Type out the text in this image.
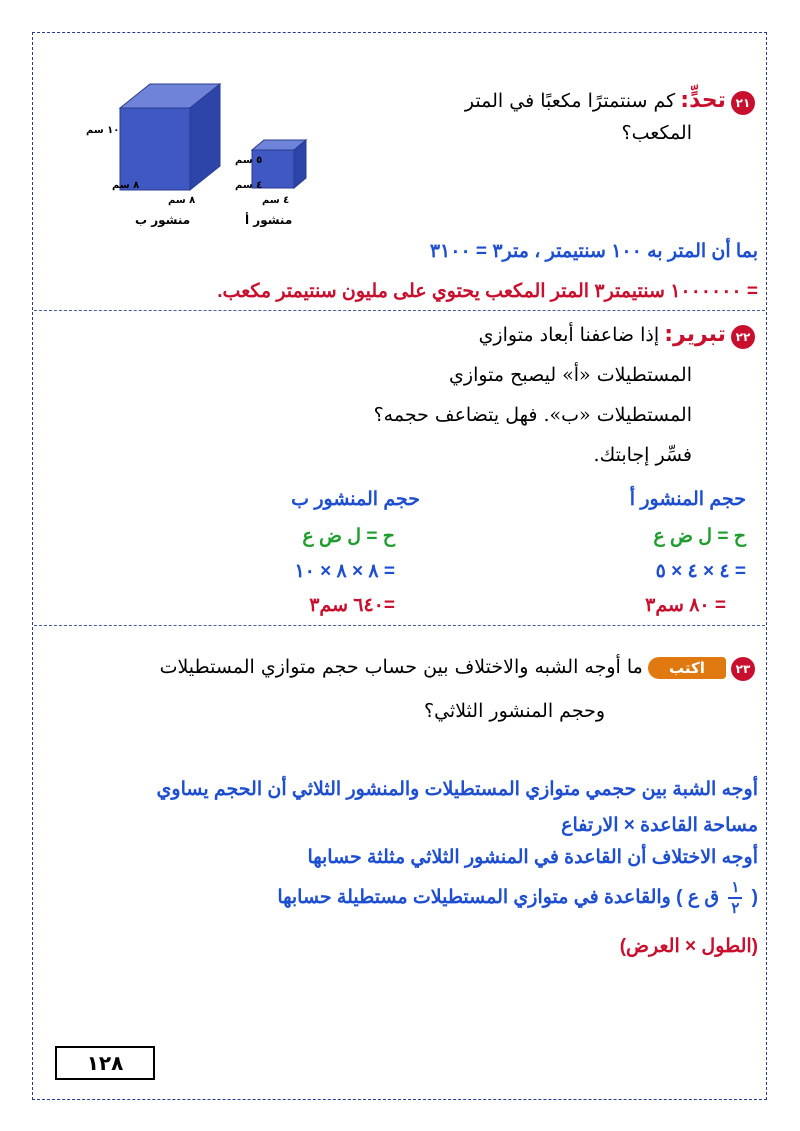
٢١ تحدٍّ: كم سنتمترًا مكعبًا في المتر
المكعب؟
١٠ سم
٨ سم
٨ سم
٥ سم
٤ سم
٤ سم
منشور ب	منشور أ
بما أن المتر به ١٠٠ سنتيمتر ، متر٣ = ٣١٠٠
= ١٠٠٠٠٠٠ سنتيمتر٣ المتر المكعب يحتوي على مليون سنتيمتر مكعب.
٢٢ تبرير: إذا ضاعفنا أبعاد متوازي
المستطيلات «أ» ليصبح متوازي
المستطيلات «ب». فهل يتضاعف حجمه؟
فسِّر إجابتك.
حجم المنشور أ
ح = ل ض ع
= ٤ × ٤ × ٥
= ٨٠ سم٣
حجم المنشور ب
ح = ل ض ع
= ٨ × ٨ × ١٠
=٦٤٠ سم٣
٢٣ اكتب ما أوجه الشبه والاختلاف بين حساب حجم متوازي المستطيلات
وحجم المنشور الثلاثي؟
أوجه الشبة بين حجمي متوازي المستطيلات والمنشور الثلاثي أن الحجم يساوي
مساحة القاعدة × الارتفاع
أوجه الاختلاف أن القاعدة في المنشور الثلاثي مثلثة حسابها
(
$\frac{١}{٢}$
ق ع ) والقاعدة في متوازي المستطيلات مستطيلة حسابها
(الطول × العرض)
١٢٨
